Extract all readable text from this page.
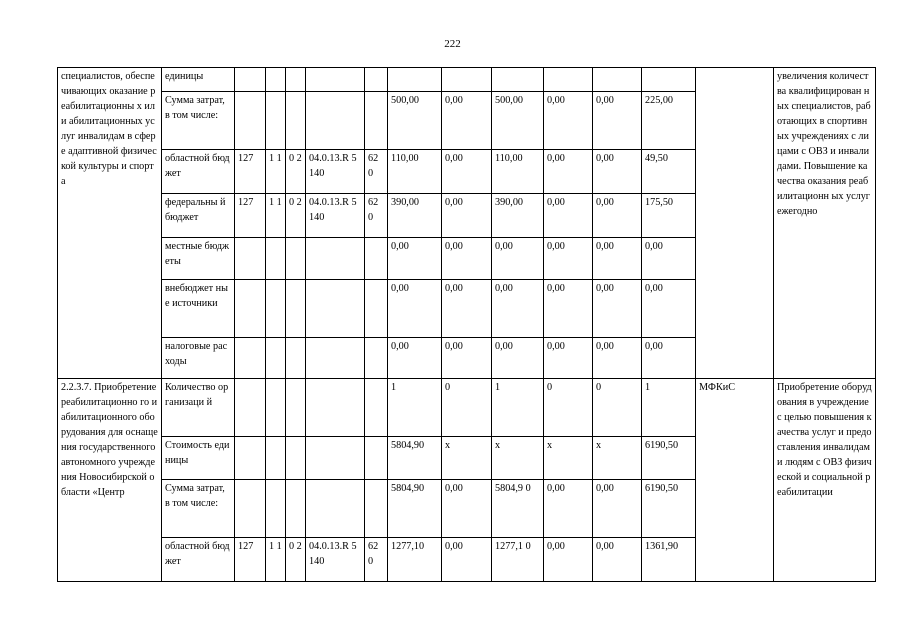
222
специалистов, обеспечивающих оказание реабилитационны х или абилитационных услуг инвалидам в сфере адаптивной физической культуры и спорта	единицы													увеличения количества квалифицирован ных специалистов, работающих в спортивных учреждениях с лицами с ОВЗ и инвалидами. Повышение качества оказания реабилитационн ых услуг ежегодно
	Сумма затрат, в том числе:						500,00	0,00	500,00	0,00	0,00	225,00		
	областной бюджет	127	1 1	0 2	04.0.13.R 5140	62 0	110,00	0,00	110,00	0,00	0,00	49,50		
	федеральны й бюджет	127	1 1	0 2	04.0.13.R 5140	62 0	390,00	0,00	390,00	0,00	0,00	175,50		
	местные бюджеты						0,00	0,00	0,00	0,00	0,00	0,00		
	внебюджет ные источники						0,00	0,00	0,00	0,00	0,00	0,00		
	налоговые расходы						0,00	0,00	0,00	0,00	0,00	0,00		
2.2.3.7. Приобретение реабилитационно го и абилитационного оборудования для оснащения государственного автономного учреждения Новосибирской области «Центр	Количество организаци й						1	0	1	0	0	1	МФКиС	Приобретение оборудования в учреждение с целью повышения качества услуг и предоставления инвалидам и людям с ОВЗ физической и социальной реабилитации
	Стоимость единицы						5804,90	х	х	х	х	6190,50		
	Сумма затрат, в том числе:						5804,90	0,00	5804,9 0	0,00	0,00	6190,50		
	областной бюджет	127	1 1	0 2	04.0.13.R 5140	62 0	1277,10	0,00	1277,1 0	0,00	0,00	1361,90		
